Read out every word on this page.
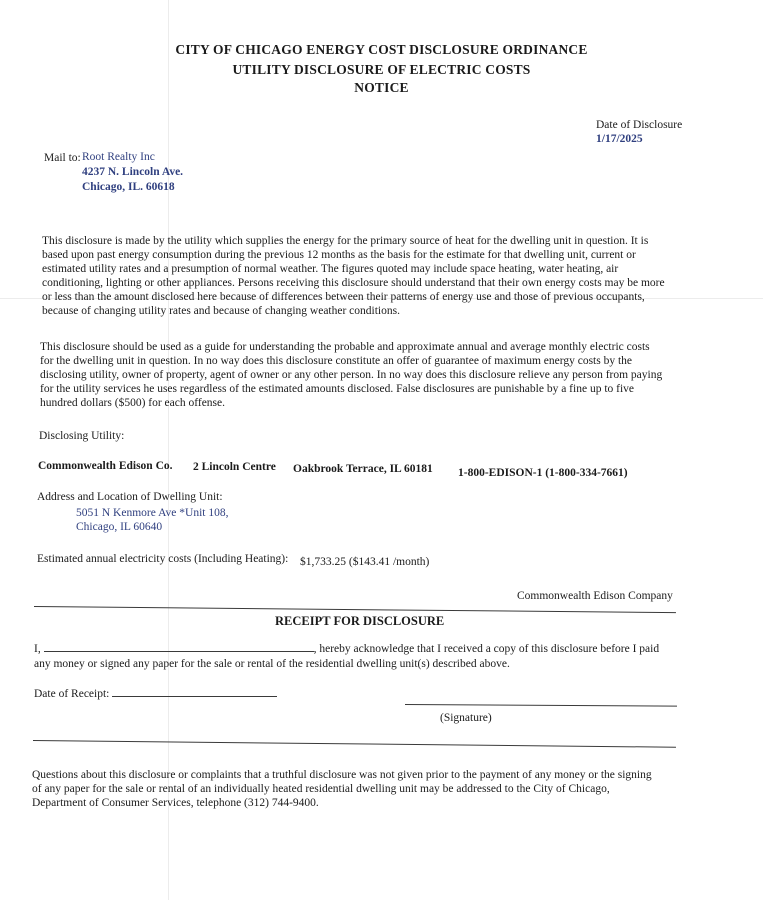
CITY OF CHICAGO ENERGY COST DISCLOSURE ORDINANCE
UTILITY DISCLOSURE OF ELECTRIC COSTS
NOTICE
Date of Disclosure
1/17/2025
Mail to: Root Realty Inc
4237 N. Lincoln Ave.
Chicago, IL. 60618
This disclosure is made by the utility which supplies the energy for the primary source of heat for the dwelling unit in question. It is
based upon past energy consumption during the previous 12 months as the basis for the estimate for that dwelling unit, current or
estimated utility rates and a presumption of normal weather. The figures quoted may include space heating, water heating, air
conditioning, lighting or other appliances. Persons receiving this disclosure should understand that their own energy costs may be more
or less than the amount disclosed here because of differences between their patterns of energy use and those of previous occupants,
because of changing utility rates and because of changing weather conditions.
This disclosure should be used as a guide for understanding the probable and approximate annual and average monthly electric costs
for the dwelling unit in question. In no way does this disclosure constitute an offer of guarantee of maximum energy costs by the
disclosing utility, owner of property, agent of owner or any other person. In no way does this disclosure relieve any person from paying
for the utility services he uses regardless of the estimated amounts disclosed. False disclosures are punishable by a fine up to five
hundred dollars ($500) for each offense.
Disclosing Utility:
Commonwealth Edison Co. 2 Lincoln Centre Oakbrook Terrace, IL 60181 1-800-EDISON-1 (1-800-334-7661)
Address and Location of Dwelling Unit:
5051 N Kenmore Ave *Unit 108,
Chicago, IL 60640
Estimated annual electricity costs (Including Heating): $1,733.25 ($143.41 /month)
Commonwealth Edison Company
RECEIPT FOR DISCLOSURE
I,	, hereby acknowledge that I received a copy of this disclosure before I paid
any money or signed any paper for the sale or rental of the residential dwelling unit(s) described above.
Date of Receipt:
(Signature)
Questions about this disclosure or complaints that a truthful disclosure was not given prior to the payment of any money or the signing
of any paper for the sale or rental of an individually heated residential dwelling unit may be addressed to the City of Chicago,
Department of Consumer Services, telephone (312) 744-9400.
